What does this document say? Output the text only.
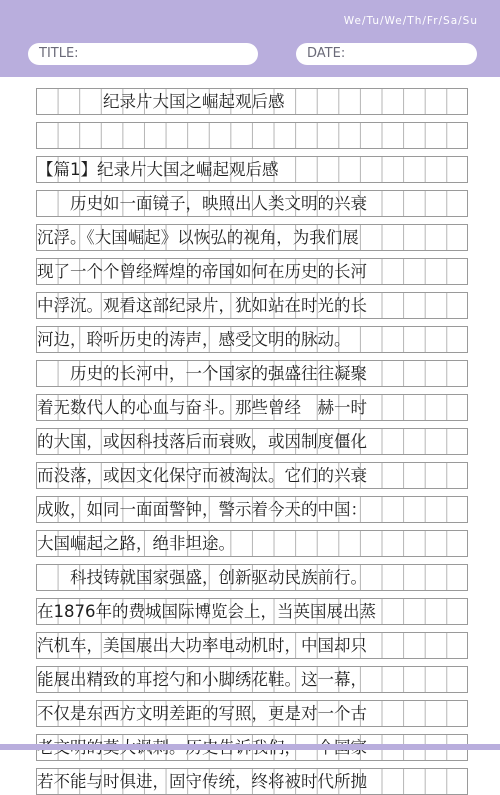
We/Tu/We/Th/Fr/Sa/Su
TITLE:	DATE:
　　　　纪录片大国之崛起观后感
【篇1】纪录片大国之崛起观后感
　　历史如一面镜子，映照出人类文明的兴衰
沉浮。《大国崛起》以恢弘的视角，为我们展
现了一个个曾经辉煌的帝国如何在历史的长河
中浮沉。观看这部纪录片，犹如站在时光的长
河边，聆听历史的涛声，感受文明的脉动。
　　历史的长河中，一个国家的强盛往往凝聚
着无数代人的心血与奋斗。那些曾经　赫一时
的大国，或因科技落后而衰败，或因制度僵化
而没落，或因文化保守而被淘汰。它们的兴衰
成败，如同一面面警钟，警示着今天的中国：
大国崛起之路，绝非坦途。
　　科技铸就国家强盛，创新驱动民族前行。
在1876年的费城国际博览会上，当英国展出蒸
汽机车，美国展出大功率电动机时，中国却只
能展出精致的耳挖勺和小脚绣花鞋。这一幕，
不仅是东西方文明差距的写照，更是对一个古
若不能与时俱进，固守传统，终将被时代所抛
